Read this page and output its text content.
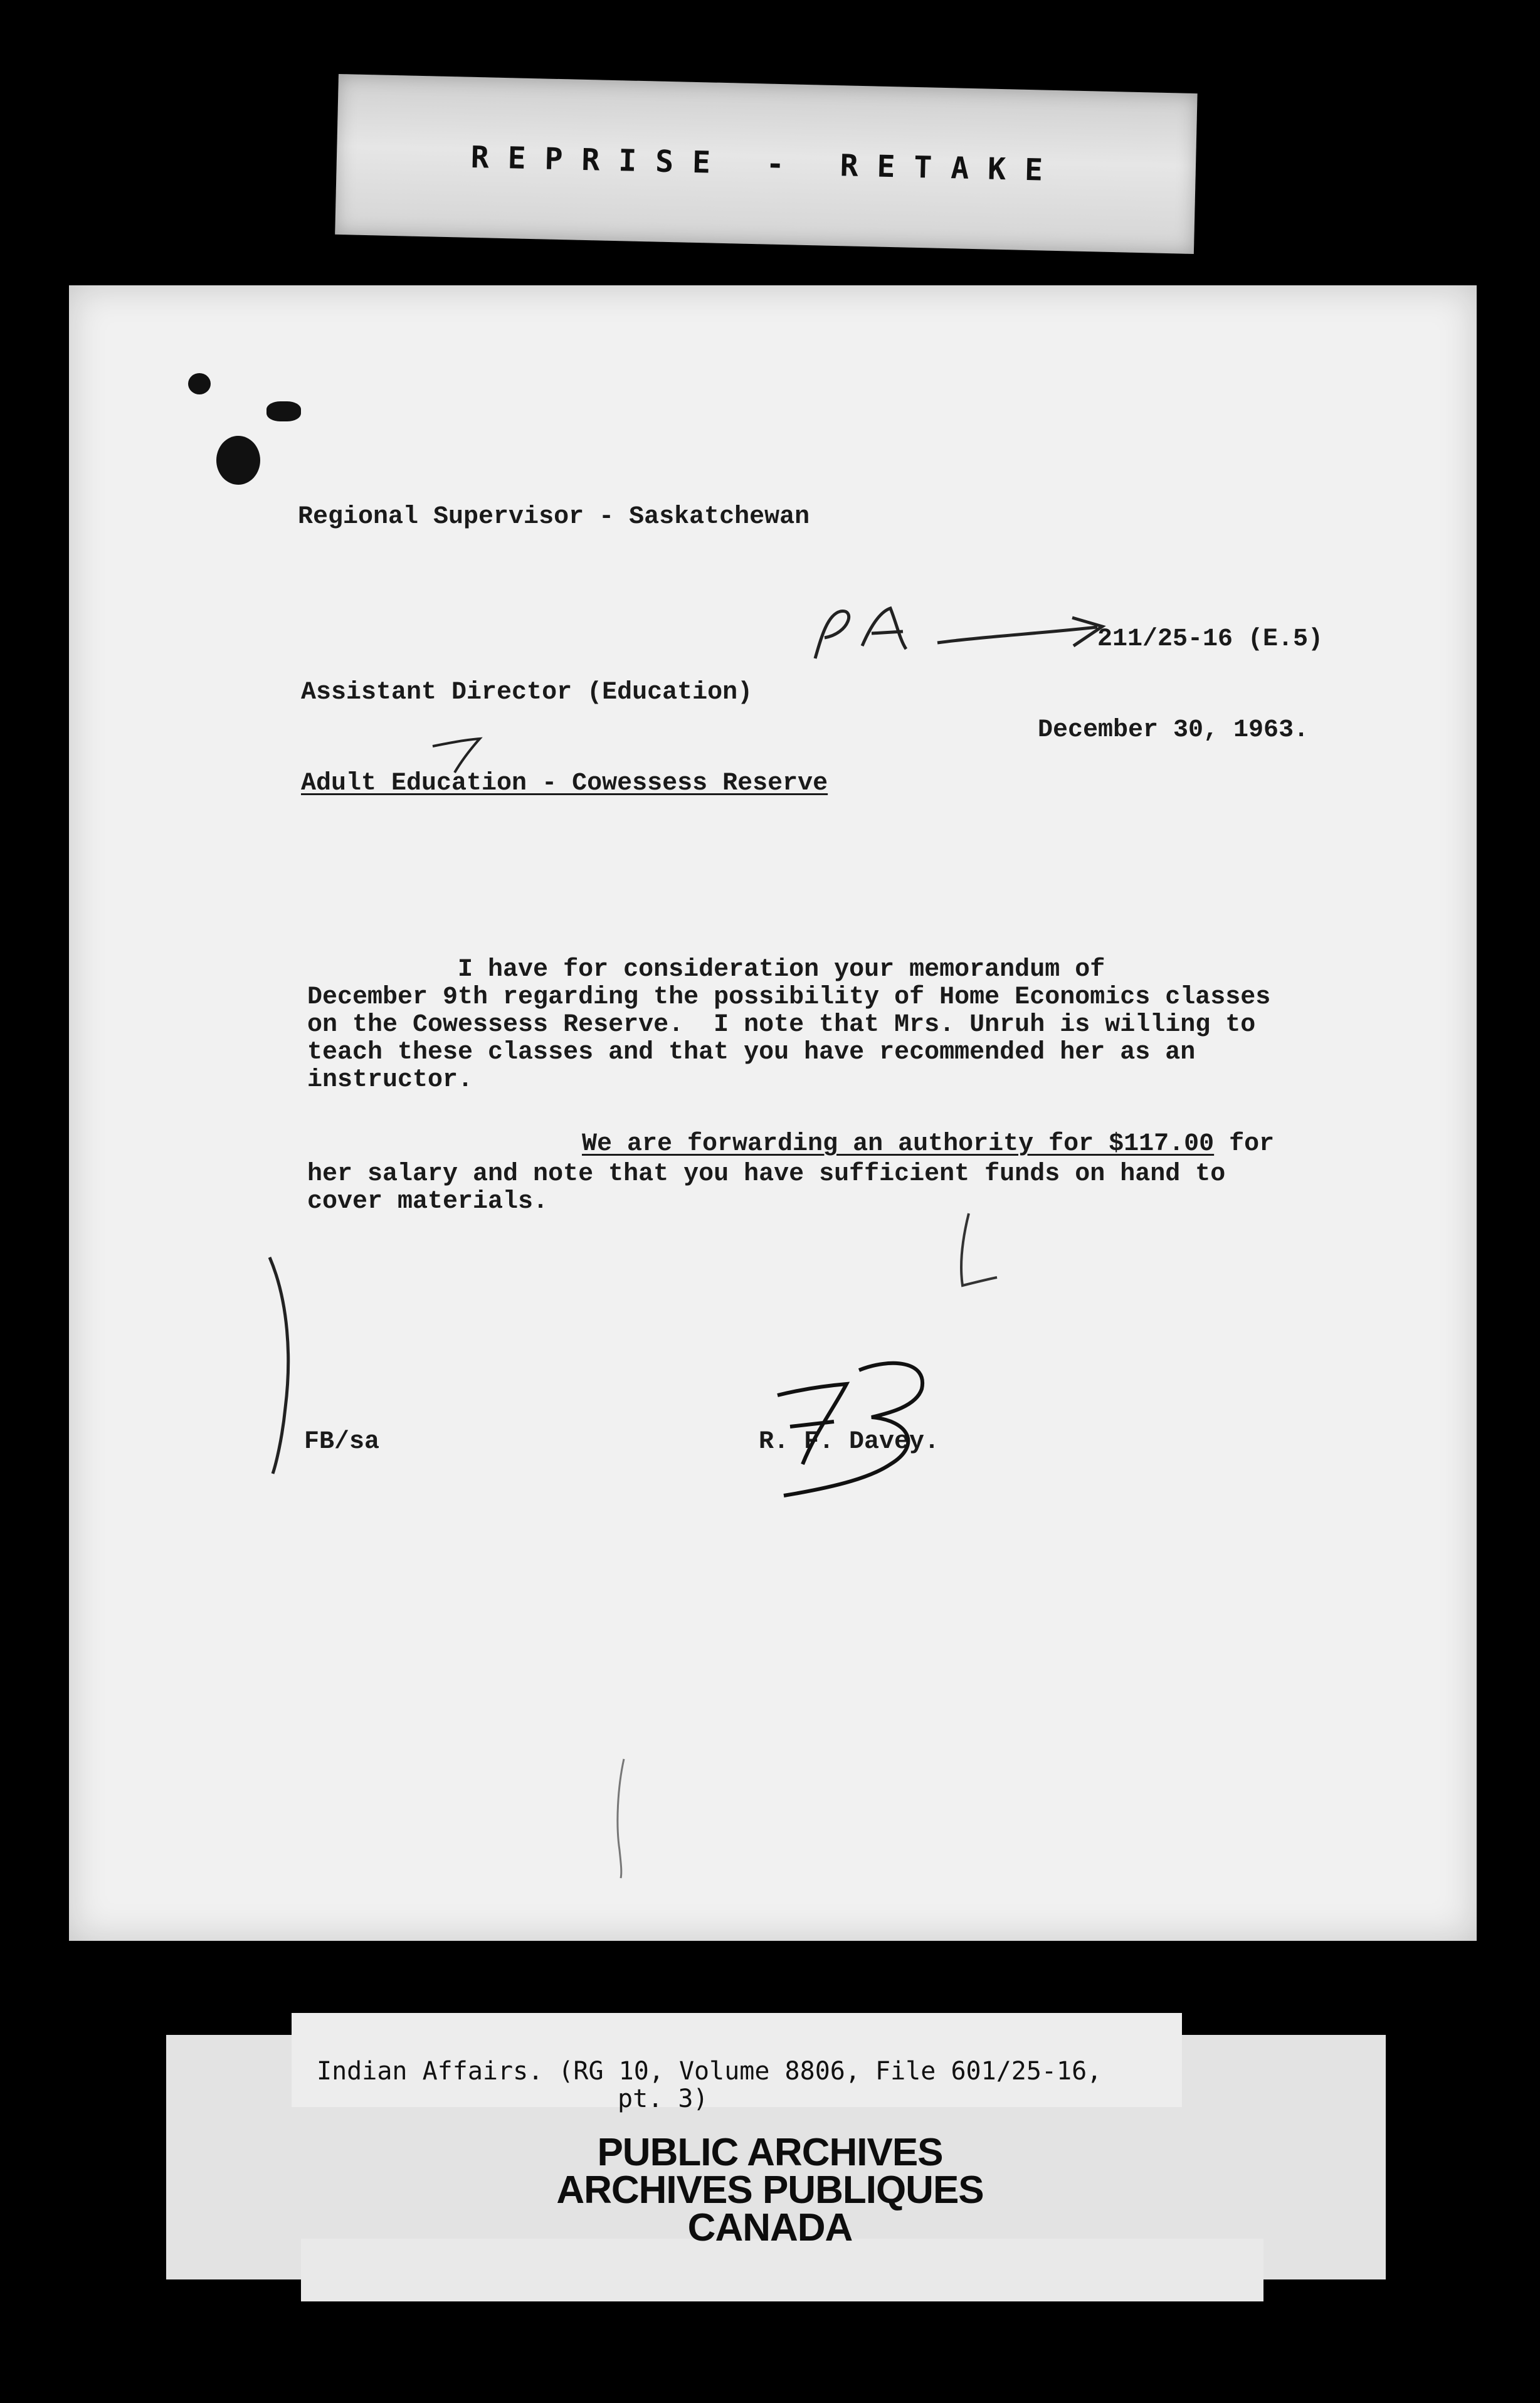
REPRISE - RETAKE
Regional Supervisor - Saskatchewan
211/25-16 (E.5)
Assistant Director (Education)
December 30, 1963.
Adult Education - Cowessess Reserve
I have for consideration your memorandum of
December 9th regarding the possibility of Home Economics classes
on the Cowessess Reserve.  I note that Mrs. Unruh is willing to
teach these classes and that you have recommended her as an
instructor.
We are forwarding an authority for $117.00 for
her salary and note that you have sufficient funds on hand to
cover materials.
FB/sa	R. F. Davey.
Indian Affairs. (RG 10, Volume 8806, File 601/25-16,
pt. 3)
PUBLIC ARCHIVES
ARCHIVES PUBLIQUES
CANADA
